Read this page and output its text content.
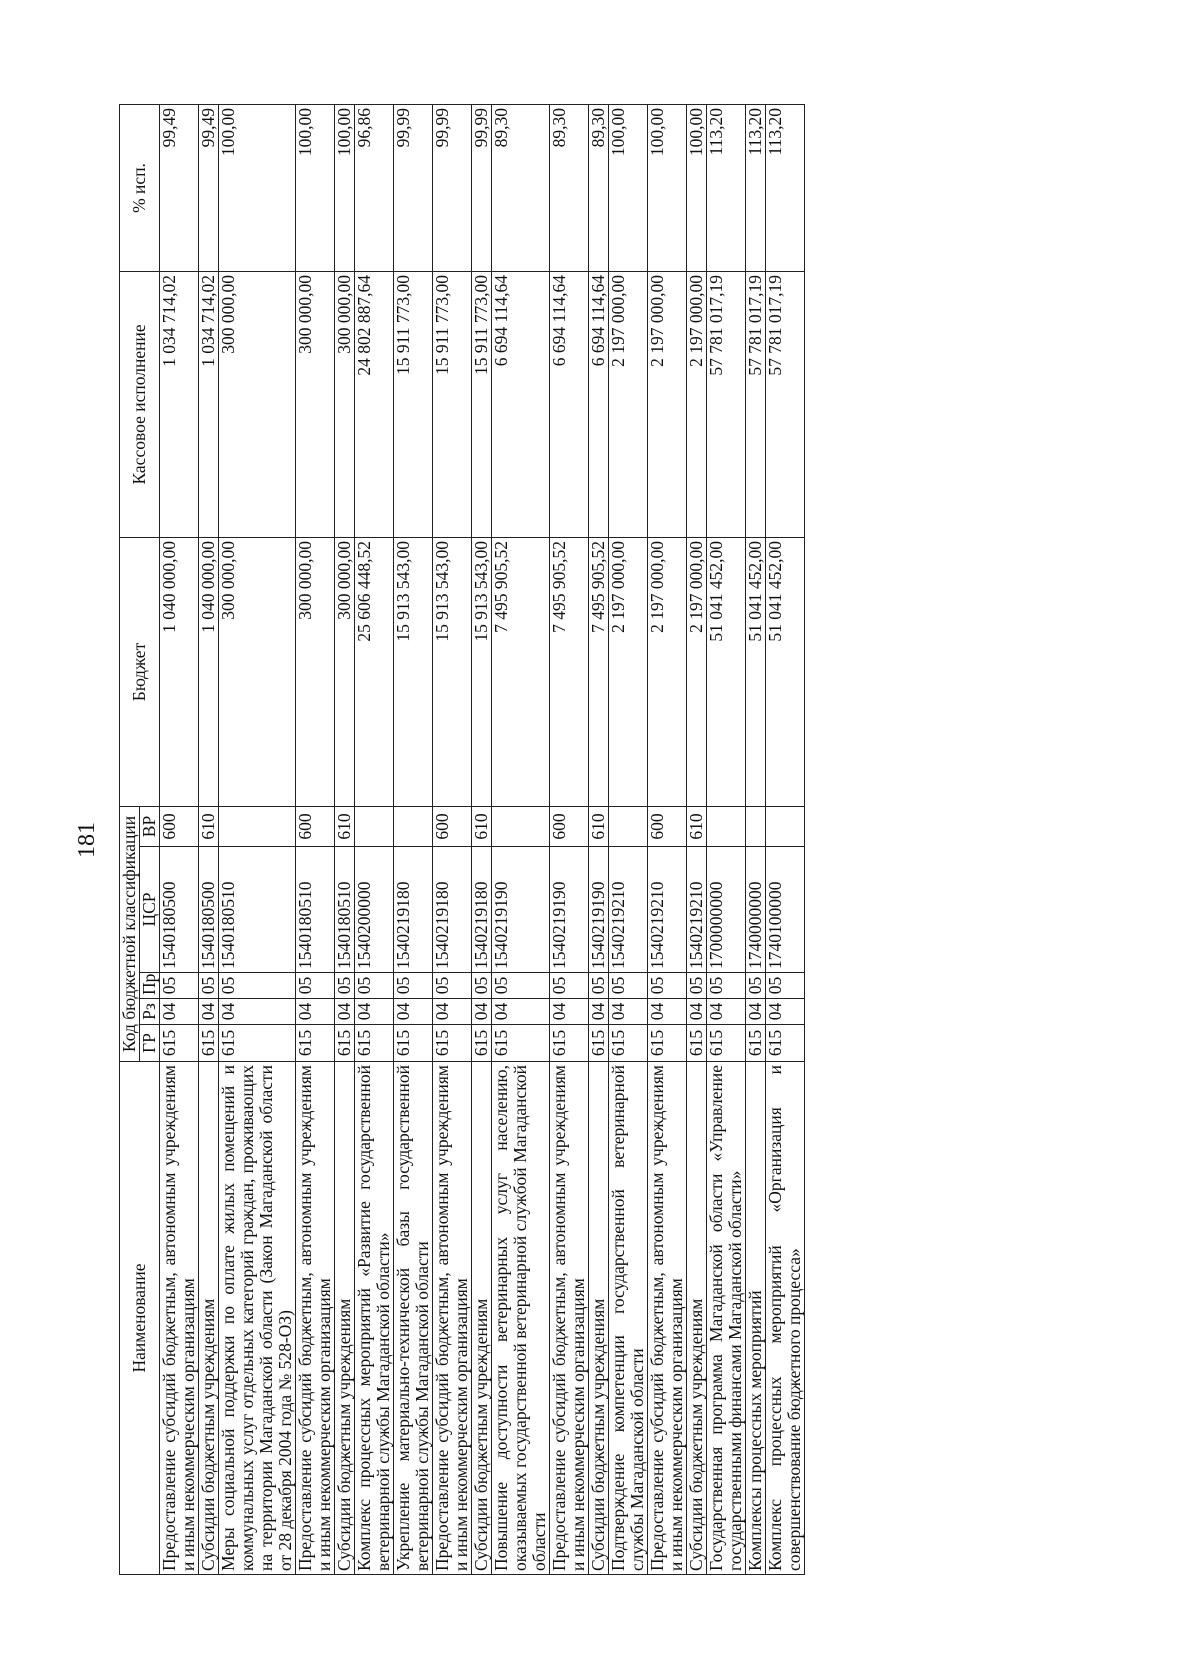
181
Наименование	Код бюджетной классификации					Бюджет	Кассовое исполнение	% исп.
	ГР	Рз	Пр	ЦСР	ВР			
Предоставление субсидий бюджетным, автономным учреждениям и иным некоммерческим организациям	615	04	05	1540180500	600	1 040 000,00	1 034 714,02	99,49
Субсидии бюджетным учреждениям	615	04	05	1540180500	610	1 040 000,00	1 034 714,02	99,49
Меры социальной поддержки по оплате жилых помещений и коммунальных услуг отдельных категорий граждан, проживающих на территории Магаданской области (Закон Магаданской области от 28 декабря 2004 года № 528-ОЗ)	615	04	05	1540180510		300 000,00	300 000,00	100,00
Предоставление субсидий бюджетным, автономным учреждениям и иным некоммерческим организациям	615	04	05	1540180510	600	300 000,00	300 000,00	100,00
Субсидии бюджетным учреждениям	615	04	05	1540180510	610	300 000,00	300 000,00	100,00
Комплекс процессных мероприятий «Развитие государственной ветеринарной службы Магаданской области»	615	04	05	1540200000		25 606 448,52	24 802 887,64	96,86
Укрепление материально-технической базы государственной ветеринарной службы Магаданской области	615	04	05	1540219180		15 913 543,00	15 911 773,00	99,99
Предоставление субсидий бюджетным, автономным учреждениям и иным некоммерческим организациям	615	04	05	1540219180	600	15 913 543,00	15 911 773,00	99,99
Субсидии бюджетным учреждениям	615	04	05	1540219180	610	15 913 543,00	15 911 773,00	99,99
Повышение доступности ветеринарных услуг населению, оказываемых государственной ветеринарной службой Магаданской области	615	04	05	1540219190		7 495 905,52	6 694 114,64	89,30
Предоставление субсидий бюджетным, автономным учреждениям и иным некоммерческим организациям	615	04	05	1540219190	600	7 495 905,52	6 694 114,64	89,30
Субсидии бюджетным учреждениям	615	04	05	1540219190	610	7 495 905,52	6 694 114,64	89,30
Подтверждение компетенции государственной ветеринарной службы Магаданской области	615	04	05	1540219210		2 197 000,00	2 197 000,00	100,00
Предоставление субсидий бюджетным, автономным учреждениям и иным некоммерческим организациям	615	04	05	1540219210	600	2 197 000,00	2 197 000,00	100,00
Субсидии бюджетным учреждениям	615	04	05	1540219210	610	2 197 000,00	2 197 000,00	100,00
Государственная программа Магаданской области «Управление государственными финансами Магаданской области»	615	04	05	1700000000		51 041 452,00	57 781 017,19	113,20
Комплексы процессных мероприятий	615	04	05	1740000000		51 041 452,00	57 781 017,19	113,20
Комплекс процессных мероприятий «Организация и совершенствование бюджетного процесса»	615	04	05	1740100000		51 041 452,00	57 781 017,19	113,20
